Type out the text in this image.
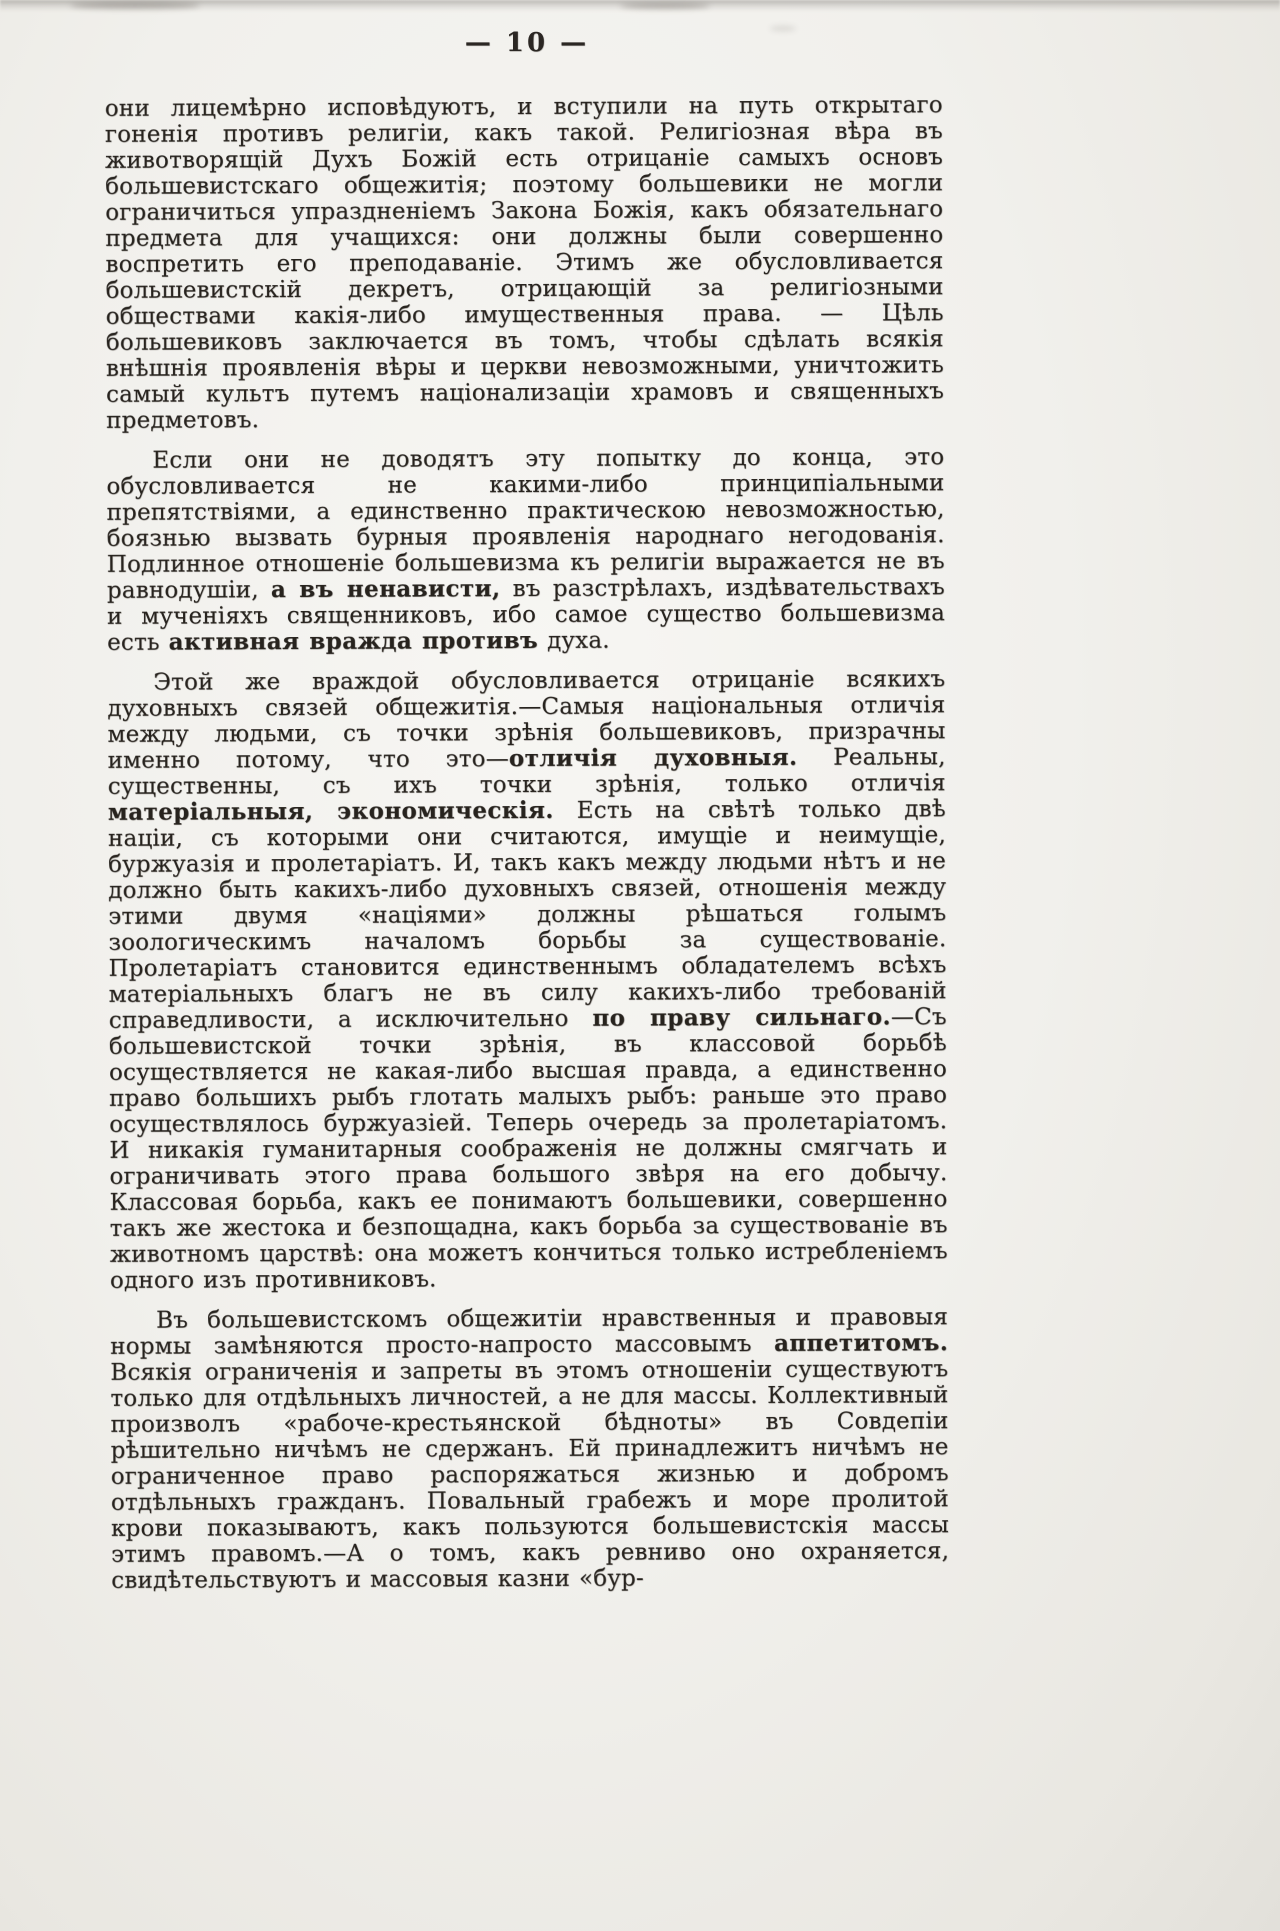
— 10 —

они лицемѣрно исповѣдуютъ, и вступили на путь открытаго гоненія противъ религіи, какъ такой. Религіозная вѣра въ животворящій Духъ Божій есть отрицаніе самыхъ основъ большевистскаго общежитія; поэтому большевики не могли ограничиться упраздненіемъ Закона Божія, какъ обязательнаго предмета для учащихся: они должны были совершенно воспретить его преподаваніе. Этимъ же обусловливается большевистскій декретъ, отрицающій за религіозными обществами какія-либо имущественныя права. — Цѣль большевиковъ заключается въ томъ, чтобы сдѣлать всякія внѣшнія проявленія вѣры и церкви невозможными, уничтожить самый культъ путемъ націонализаціи храмовъ и священныхъ предметовъ.

Если они не доводятъ эту попытку до конца, это обусловливается не какими-либо принципіальными препятствіями, а единственно практическою невозможностью, боязнью вызвать бурныя проявленія народнаго негодованія. Подлинное отношеніе большевизма къ религіи выражается не въ равнодушіи, а въ ненависти, въ разстрѣлахъ, издѣвательствахъ и мученіяхъ священниковъ, ибо самое существо большевизма есть активная вражда противъ духа.

Этой же враждой обусловливается отрицаніе всякихъ духовныхъ связей общежитія.—Самыя національныя отличія между людьми, съ точки зрѣнія большевиковъ, призрачны именно потому, что это—отличія духовныя. Реальны, существенны, съ ихъ точки зрѣнія, только отличія матеріальныя, экономическія. Есть на свѣтѣ только двѣ націи, съ которыми они считаются, имущіе и неимущіе, буржуазія и пролетаріатъ. И, такъ какъ между людьми нѣтъ и не должно быть какихъ-либо духовныхъ связей, отношенія между этими двумя «націями» должны рѣшаться голымъ зоологическимъ началомъ борьбы за существованіе. Пролетаріатъ становится единственнымъ обладателемъ всѣхъ матеріальныхъ благъ не въ силу какихъ-либо требованій справедливости, а исключительно по праву сильнаго.—Съ большевистской точки зрѣнія, въ классовой борьбѣ осуществляется не какая-либо высшая правда, а единственно право большихъ рыбъ глотать малыхъ рыбъ: раньше это право осуществлялось буржуазіей. Теперь очередь за пролетаріатомъ. И никакія гуманитарныя соображенія не должны смягчать и ограничивать этого права большого звѣря на его добычу. Классовая борьба, какъ ее понимаютъ большевики, совершенно такъ же жестока и безпощадна, какъ борьба за существованіе въ животномъ царствѣ: она можетъ кончиться только истребленіемъ одного изъ противниковъ.

Въ большевистскомъ общежитіи нравственныя и правовыя нормы замѣняются просто-напросто массовымъ аппетитомъ. Всякія ограниченія и запреты въ этомъ отношеніи существуютъ только для отдѣльныхъ личностей, а не для массы. Коллективный произволъ «рабоче-крестьянской бѣдноты» въ Совдепіи рѣшительно ничѣмъ не сдержанъ. Ей принадлежитъ ничѣмъ не ограниченное право распоряжаться жизнью и добромъ отдѣльныхъ гражданъ. Повальный грабежъ и море пролитой крови показываютъ, какъ пользуются большевистскія массы этимъ правомъ.—А о томъ, какъ ревниво оно охраняется, свидѣтельствуютъ и массовыя казни «бур-
